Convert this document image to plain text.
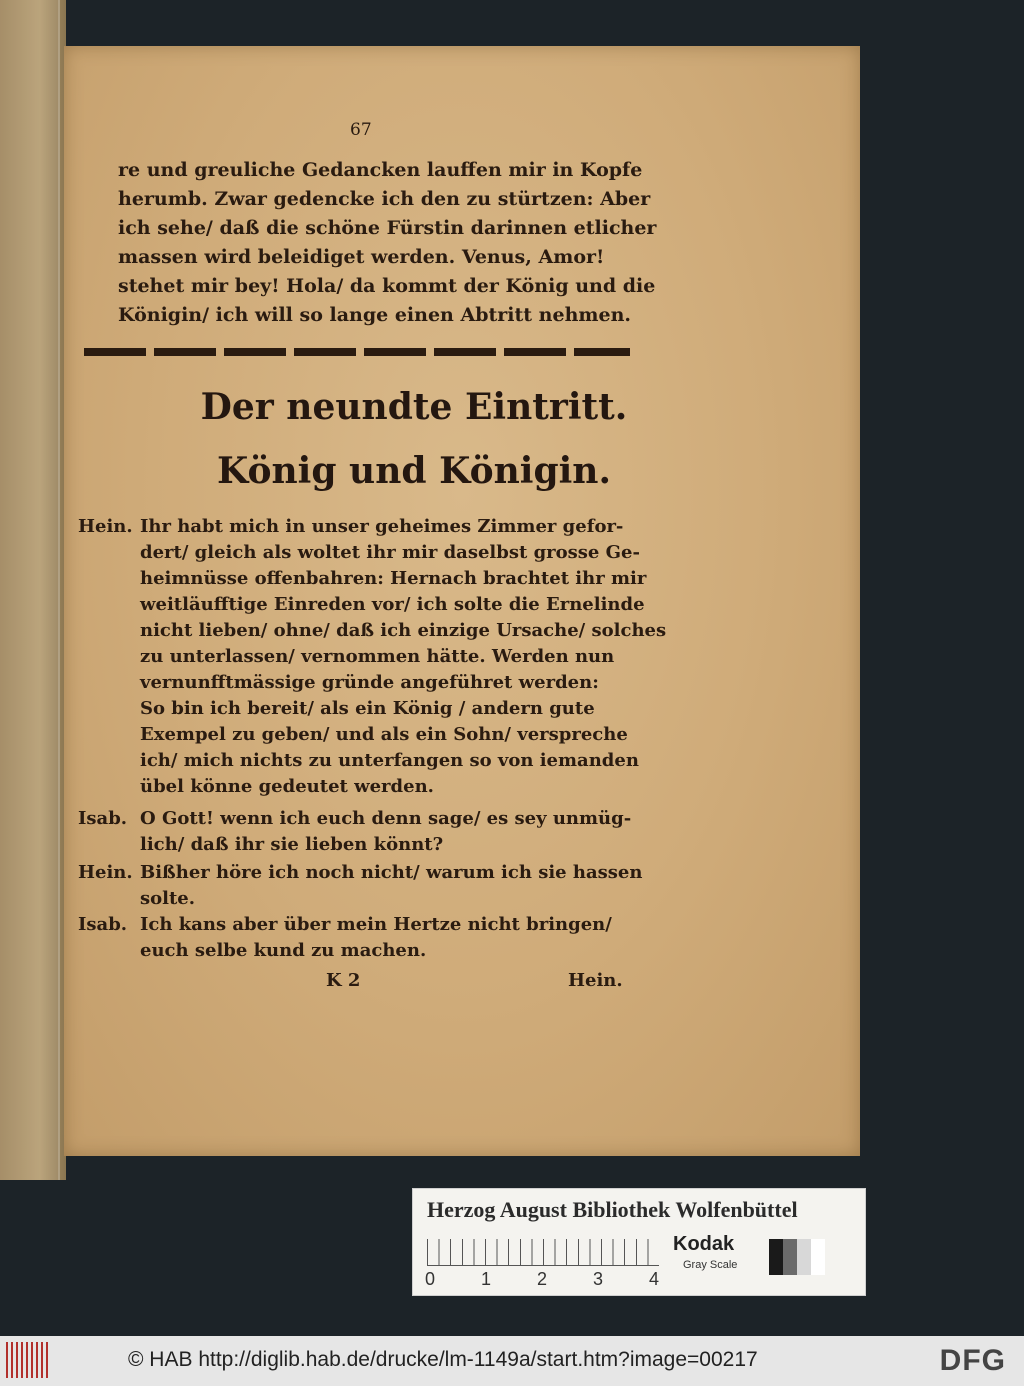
67
re und greuliche Gedancken lauffen mir in Kopfe
herumb. Zwar gedencke ich den zu stürtzen: Aber
ich sehe/ daß die schöne Fürstin darinnen etlicher
massen wird beleidiget werden. Venus, Amor!
stehet mir bey! Hola/ da kommt der König und die
Königin/ ich will so lange einen Abtritt nehmen.
Der neundte Eintritt.
König und Königin.
Hein. Ihr habt mich in unser geheimes Zimmer gefor-
dert/ gleich als woltet ihr mir daselbst grosse Ge-
heimnüsse offenbahren: Hernach brachtet ihr mir
weitläufftige Einreden vor/ ich solte die Ernelinde
nicht lieben/ ohne/ daß ich einzige Ursache/ solches
zu unterlassen/ vernommen hätte. Werden nun
vernunfftmässige gründe angeführet werden:
So bin ich bereit/ als ein König / andern gute
Exempel zu geben/ und als ein Sohn/ verspreche
ich/ mich nichts zu unterfangen so von iemanden
übel könne gedeutet werden.
Isab. O Gott! wenn ich euch denn sage/ es sey unmüg-
lich/ daß ihr sie lieben könnt?
Hein. Bißher höre ich noch nicht/ warum ich sie hassen
solte.
Isab. Ich kans aber über mein Hertze nicht bringen/
euch selbe kund zu machen.
K 2	Hein.
Herzog August Bibliothek Wolfenbüttel
0	1	2	3	4
Kodak
Gray Scale
© HAB http://diglib.hab.de/drucke/lm-1149a/start.htm?image=00217	DFG
